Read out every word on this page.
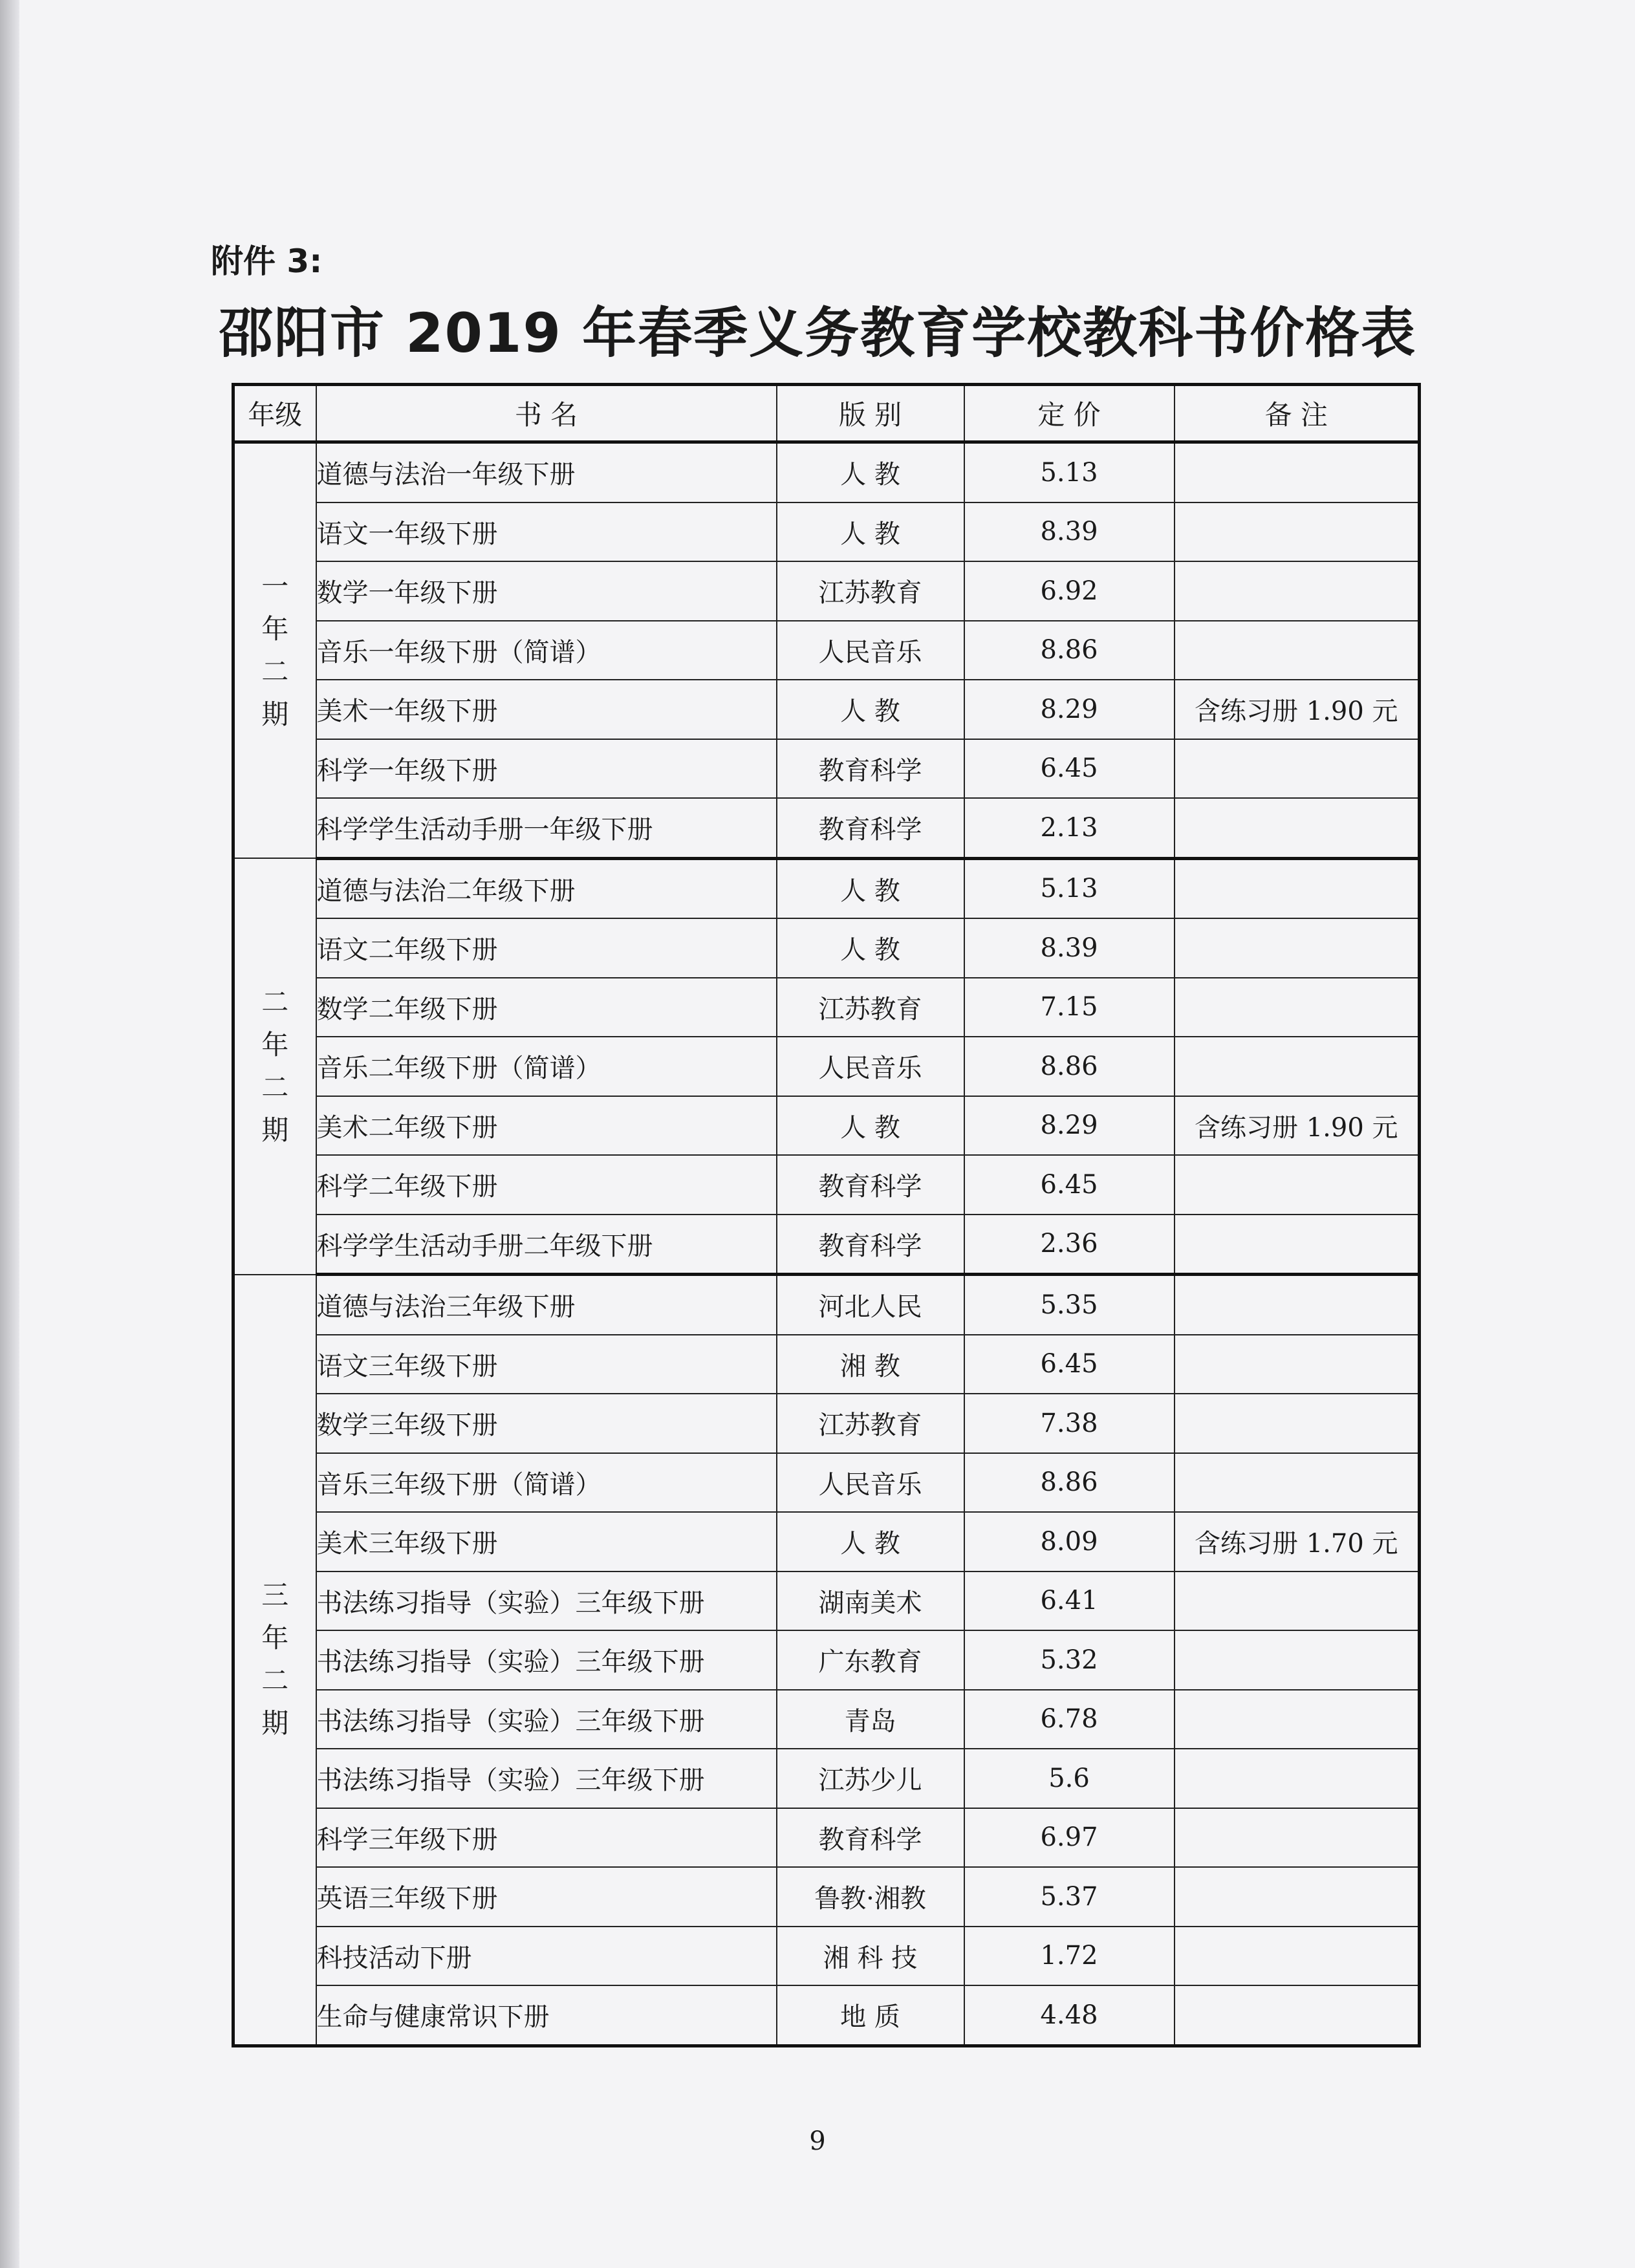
附件 3:
邵阳市 2019 年春季义务教育学校教科书价格表
年级	书 名	版 别	定 价	备 注
一年二期	道德与法治一年级下册	人 教	5.13	
	语文一年级下册	人 教	8.39	
	数学一年级下册	江苏教育	6.92	
	音乐一年级下册（简谱）	人民音乐	8.86	
	美术一年级下册	人 教	8.29	含练习册 1.90 元
	科学一年级下册	教育科学	6.45	
	科学学生活动手册一年级下册	教育科学	2.13	
二年二期	道德与法治二年级下册	人 教	5.13	
	语文二年级下册	人 教	8.39	
	数学二年级下册	江苏教育	7.15	
	音乐二年级下册（简谱）	人民音乐	8.86	
	美术二年级下册	人 教	8.29	含练习册 1.90 元
	科学二年级下册	教育科学	6.45	
	科学学生活动手册二年级下册	教育科学	2.36	
三年二期	道德与法治三年级下册	河北人民	5.35	
	语文三年级下册	湘 教	6.45	
	数学三年级下册	江苏教育	7.38	
	音乐三年级下册（简谱）	人民音乐	8.86	
	美术三年级下册	人 教	8.09	含练习册 1.70 元
	书法练习指导（实验）三年级下册	湖南美术	6.41	
	书法练习指导（实验）三年级下册	广东教育	5.32	
	书法练习指导（实验）三年级下册	青岛	6.78	
	书法练习指导（实验）三年级下册	江苏少儿	5.6	
	科学三年级下册	教育科学	6.97	
	英语三年级下册	鲁教·湘教	5.37	
	科技活动下册	湘 科 技	1.72	
	生命与健康常识下册	地 质	4.48	
9
